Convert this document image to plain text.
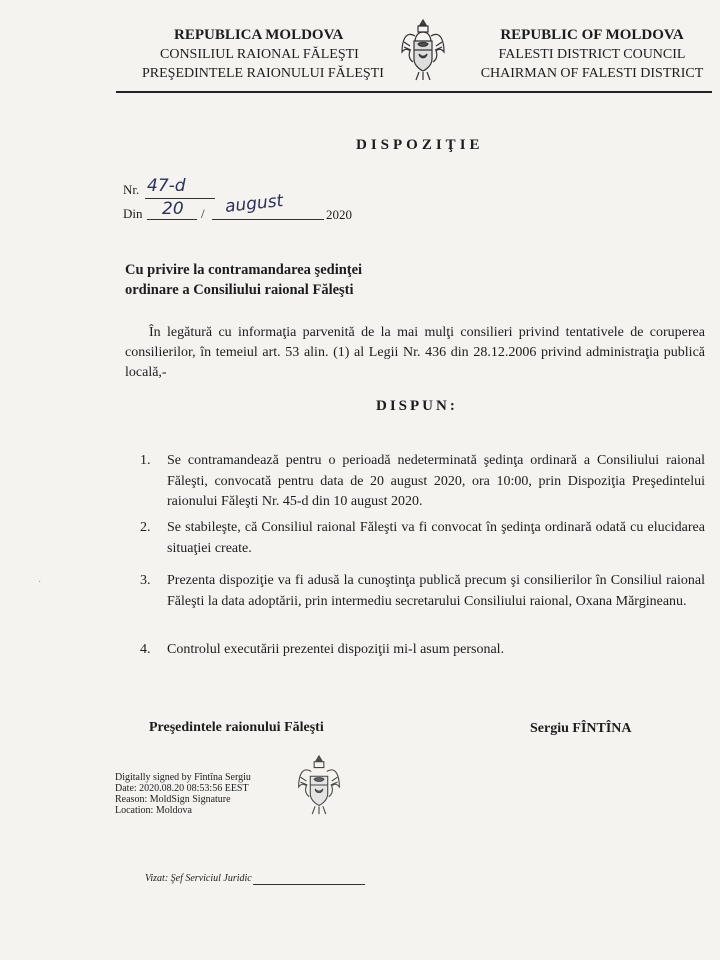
REPUBLICA MOLDOVA
CONSILIUL RAIONAL FĂLEŞTI
PREŞEDINTELE RAIONULUI FĂLEŞTI
REPUBLIC OF MOLDOVA
FALESTI DISTRICT COUNCIL
CHAIRMAN OF FALESTI DISTRICT
DISPOZIŢIE
Nr. 47-d
Din 20 / august	2020
Cu privire la contramandarea şedinţei
ordinare a Consiliului raional Făleşti
În legătură cu informaţia parvenită de la mai mulţi consilieri privind tentativele de coruperea consilierilor, în temeiul art. 53 alin. (1) al Legii Nr. 436 din 28.12.2006 privind administraţia publică locală,-
DISPUN:
1.	Se contramandează pentru o perioadă nedeterminată şedinţa ordinară a Consiliului raional Făleşti, convocată pentru data de 20 august 2020, ora 10:00, prin Dispoziţia Preşedintelui raionului Făleşti Nr. 45-d din 10 august 2020.
2.	Se stabileşte, că Consiliul raional Făleşti va fi convocat în şedinţa ordinară odată cu elucidarea situaţiei create.
3.	Prezenta dispoziţie va fi adusă la cunoştinţa publică precum şi consilierilor în Consiliul raional Făleşti la data adoptării, prin intermediu secretarului Consiliului raional, Oxana Mărgineanu.
4.	Controlul executării prezentei dispoziţii mi-l asum personal.
Preşedintele raionului Făleşti	Sergiu FÎNTÎNA
Digitally signed by Fîntîna Sergiu
Date: 2020.08.20 08:53:56 EEST
Reason: MoldSign Signature
Location: Moldova
Vizat: Şef Serviciul Juridic
·
